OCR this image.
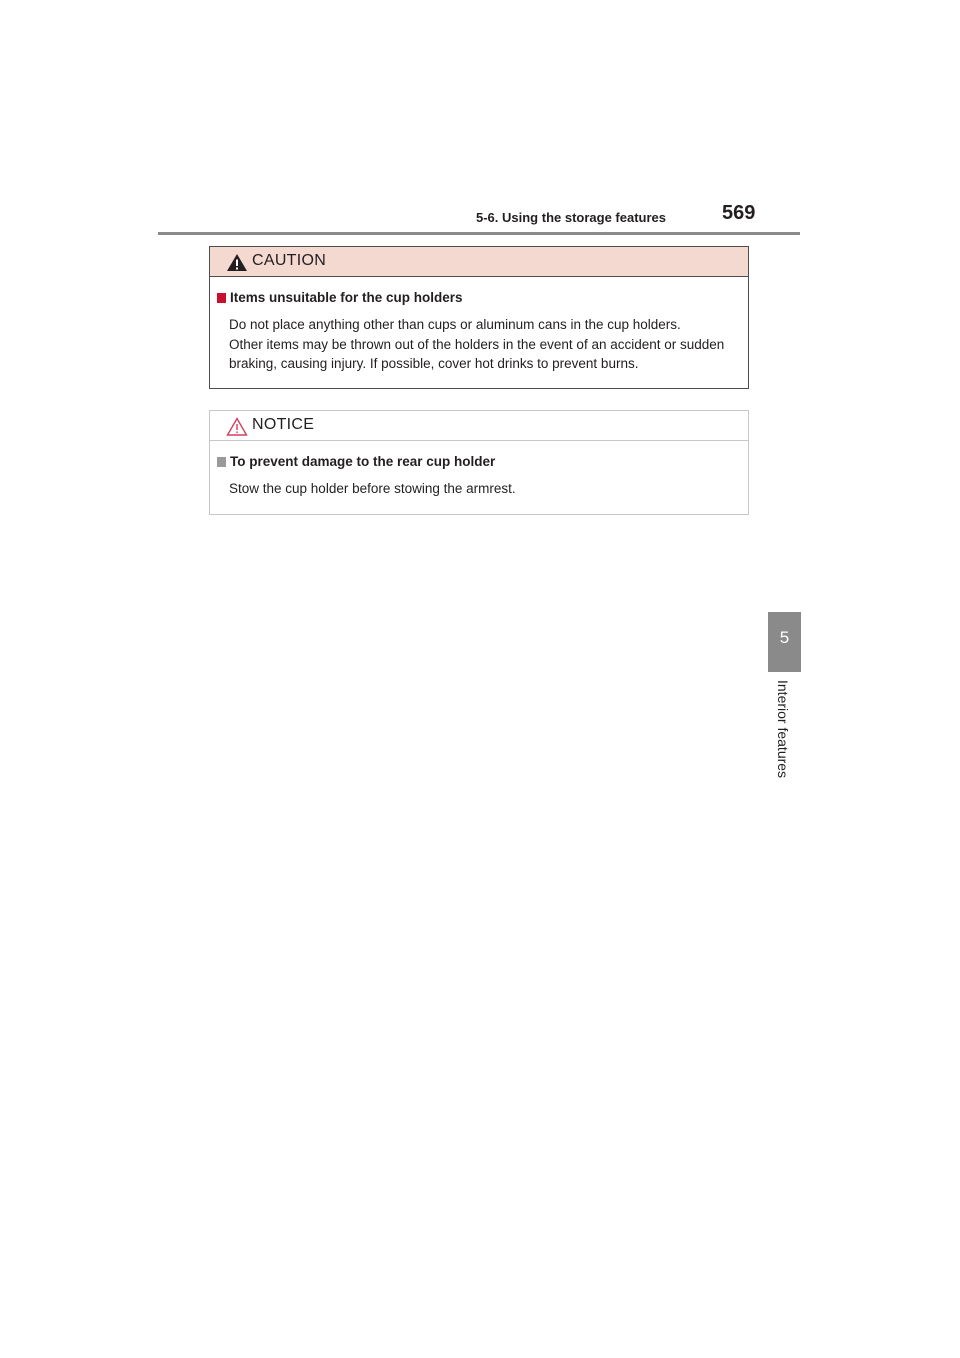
5-6. Using the storage features	569
CAUTION
Items unsuitable for the cup holders
Do not place anything other than cups or aluminum cans in the cup holders.
Other items may be thrown out of the holders in the event of an accident or sudden
braking, causing injury. If possible, cover hot drinks to prevent burns.
NOTICE
To prevent damage to the rear cup holder
Stow the cup holder before stowing the armrest.
5
Interior features
